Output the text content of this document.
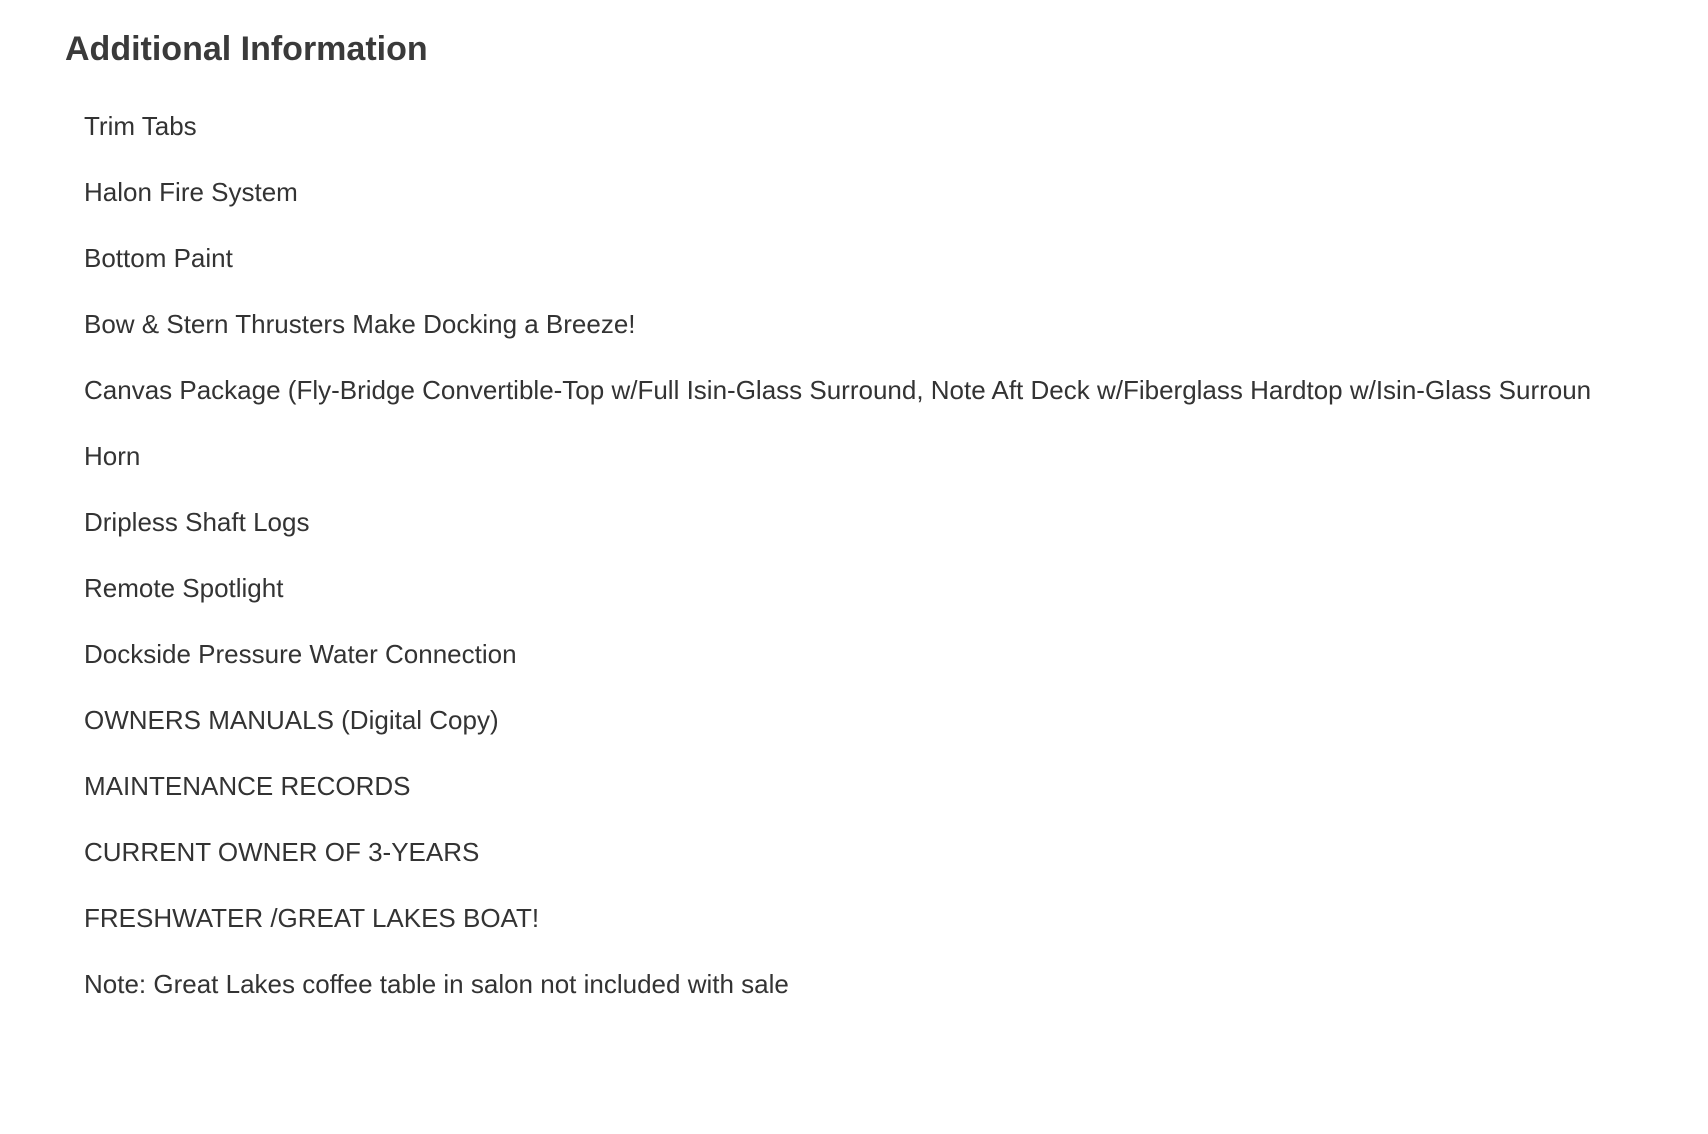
Additional Information
Trim Tabs
Halon Fire System
Bottom Paint
Bow & Stern Thrusters Make Docking a Breeze!
Canvas Package (Fly-Bridge Convertible-Top w/Full Isin-Glass Surround, Note Aft Deck w/Fiberglass Hardtop w/Isin-Glass Surroun
Horn
Dripless Shaft Logs
Remote Spotlight
Dockside Pressure Water Connection
OWNERS MANUALS (Digital Copy)
MAINTENANCE RECORDS
CURRENT OWNER OF 3-YEARS
FRESHWATER /GREAT LAKES BOAT!
Note: Great Lakes coffee table in salon not included with sale
